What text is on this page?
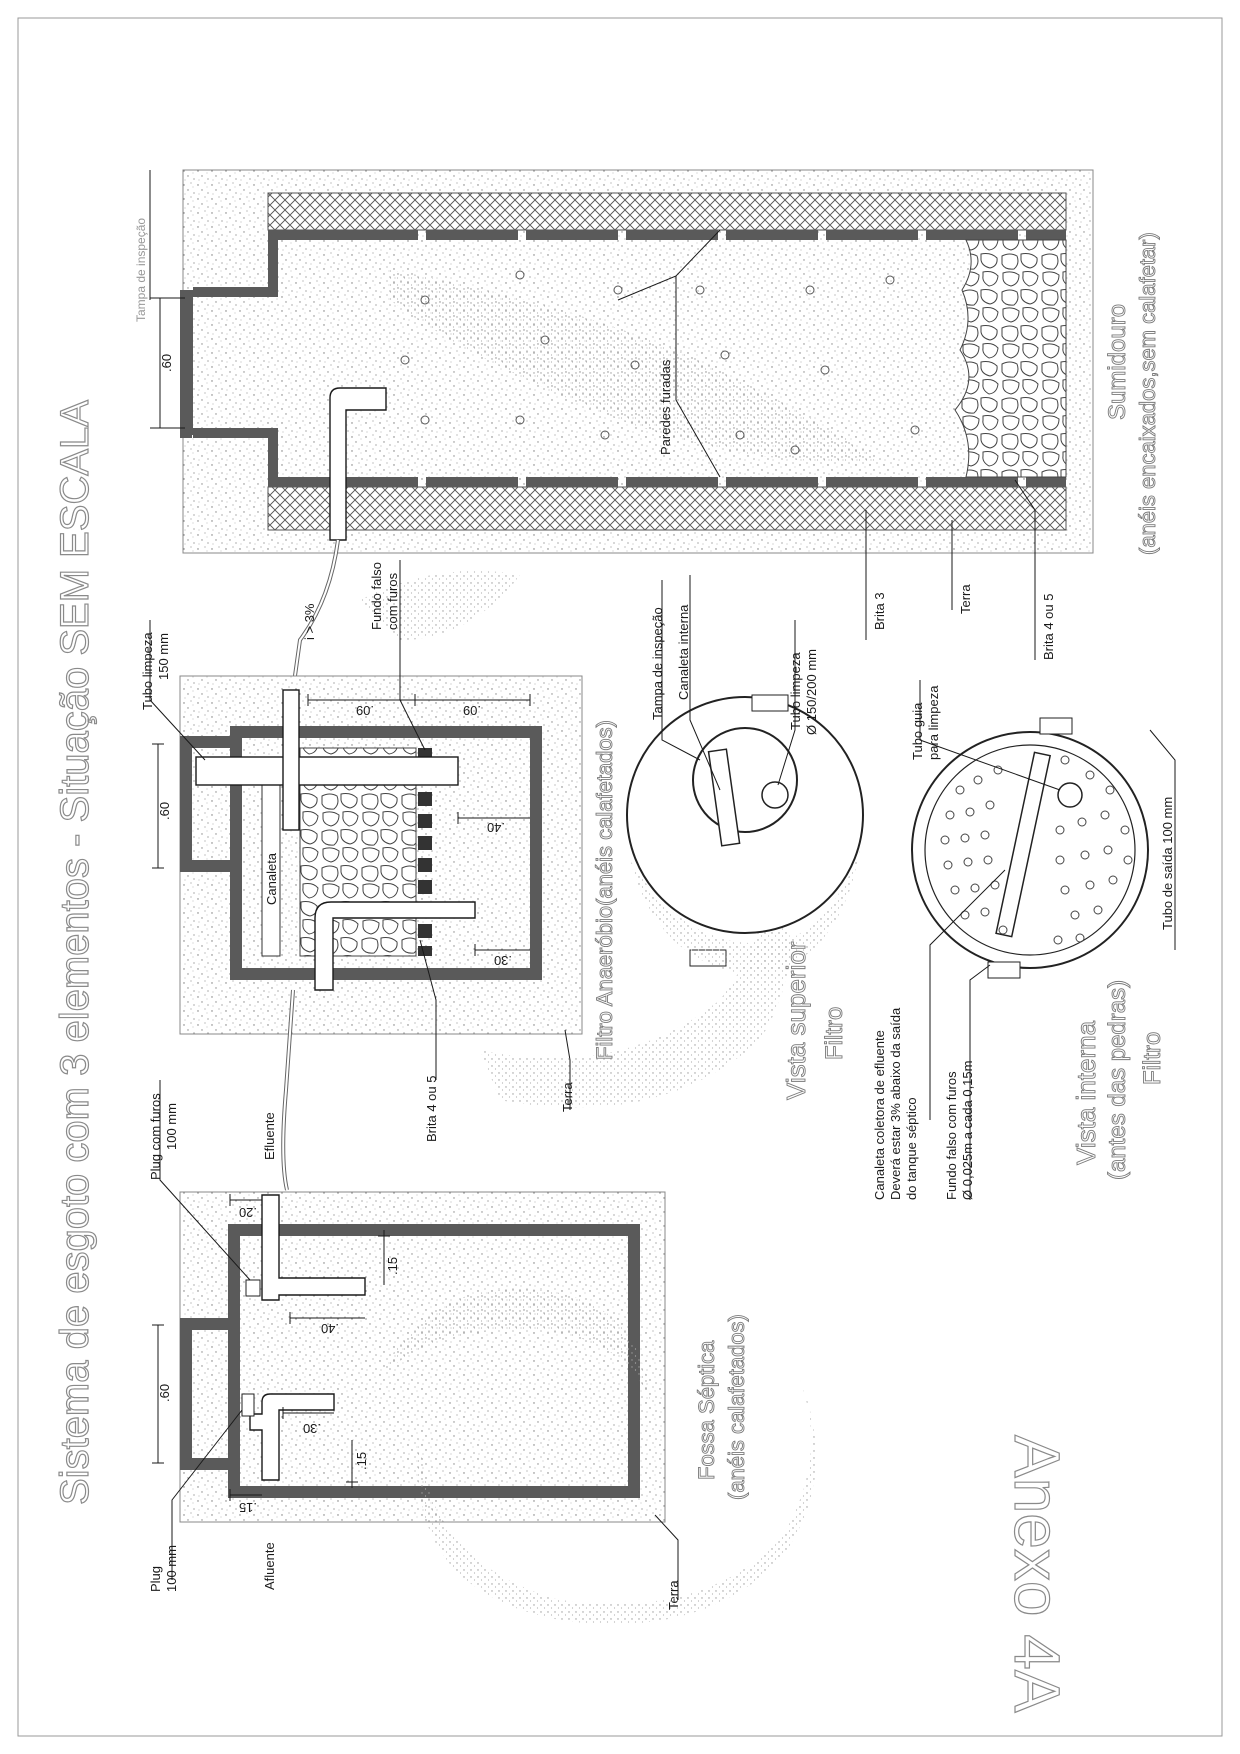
Paredes furadas
.60
Tampa de inspeção
Brita 3	Terra	Brita 4 ou 5
Sumidouro (anéis encaixados,sem calafetar)
i > 3%
Canaleta
.60
.09	.09
.40
.30
Tubo limpeza 150 mm
Fundo falso com furos
Brita 4 ou 5
Filtro Anaeróbio(anéis calafetados)
.60
.20
.15
.40
.30
.15
.15
Plug com furos 100 mm	Efluente
Plug 100 mm	Afluente
Terra
Fossa Séptica (anéis calafetados)
Tampa de inspeção Canaleta interna	Tubo limpeza Ø 150/200 mm
Vista superior Filtro
Tubo guia para limpeza
Tubo de saída 100 mm
Canaleta coletora de efluente Deverá estar 3% abaixo da saída do tanque séptico Fundo falso com furos Ø 0,025m a cada 0,15m	Vista interna (antes das pedras) Filtro
Sistema de esgoto com 3 elementos - Situação SEM ESCALA
Anexo 4A
